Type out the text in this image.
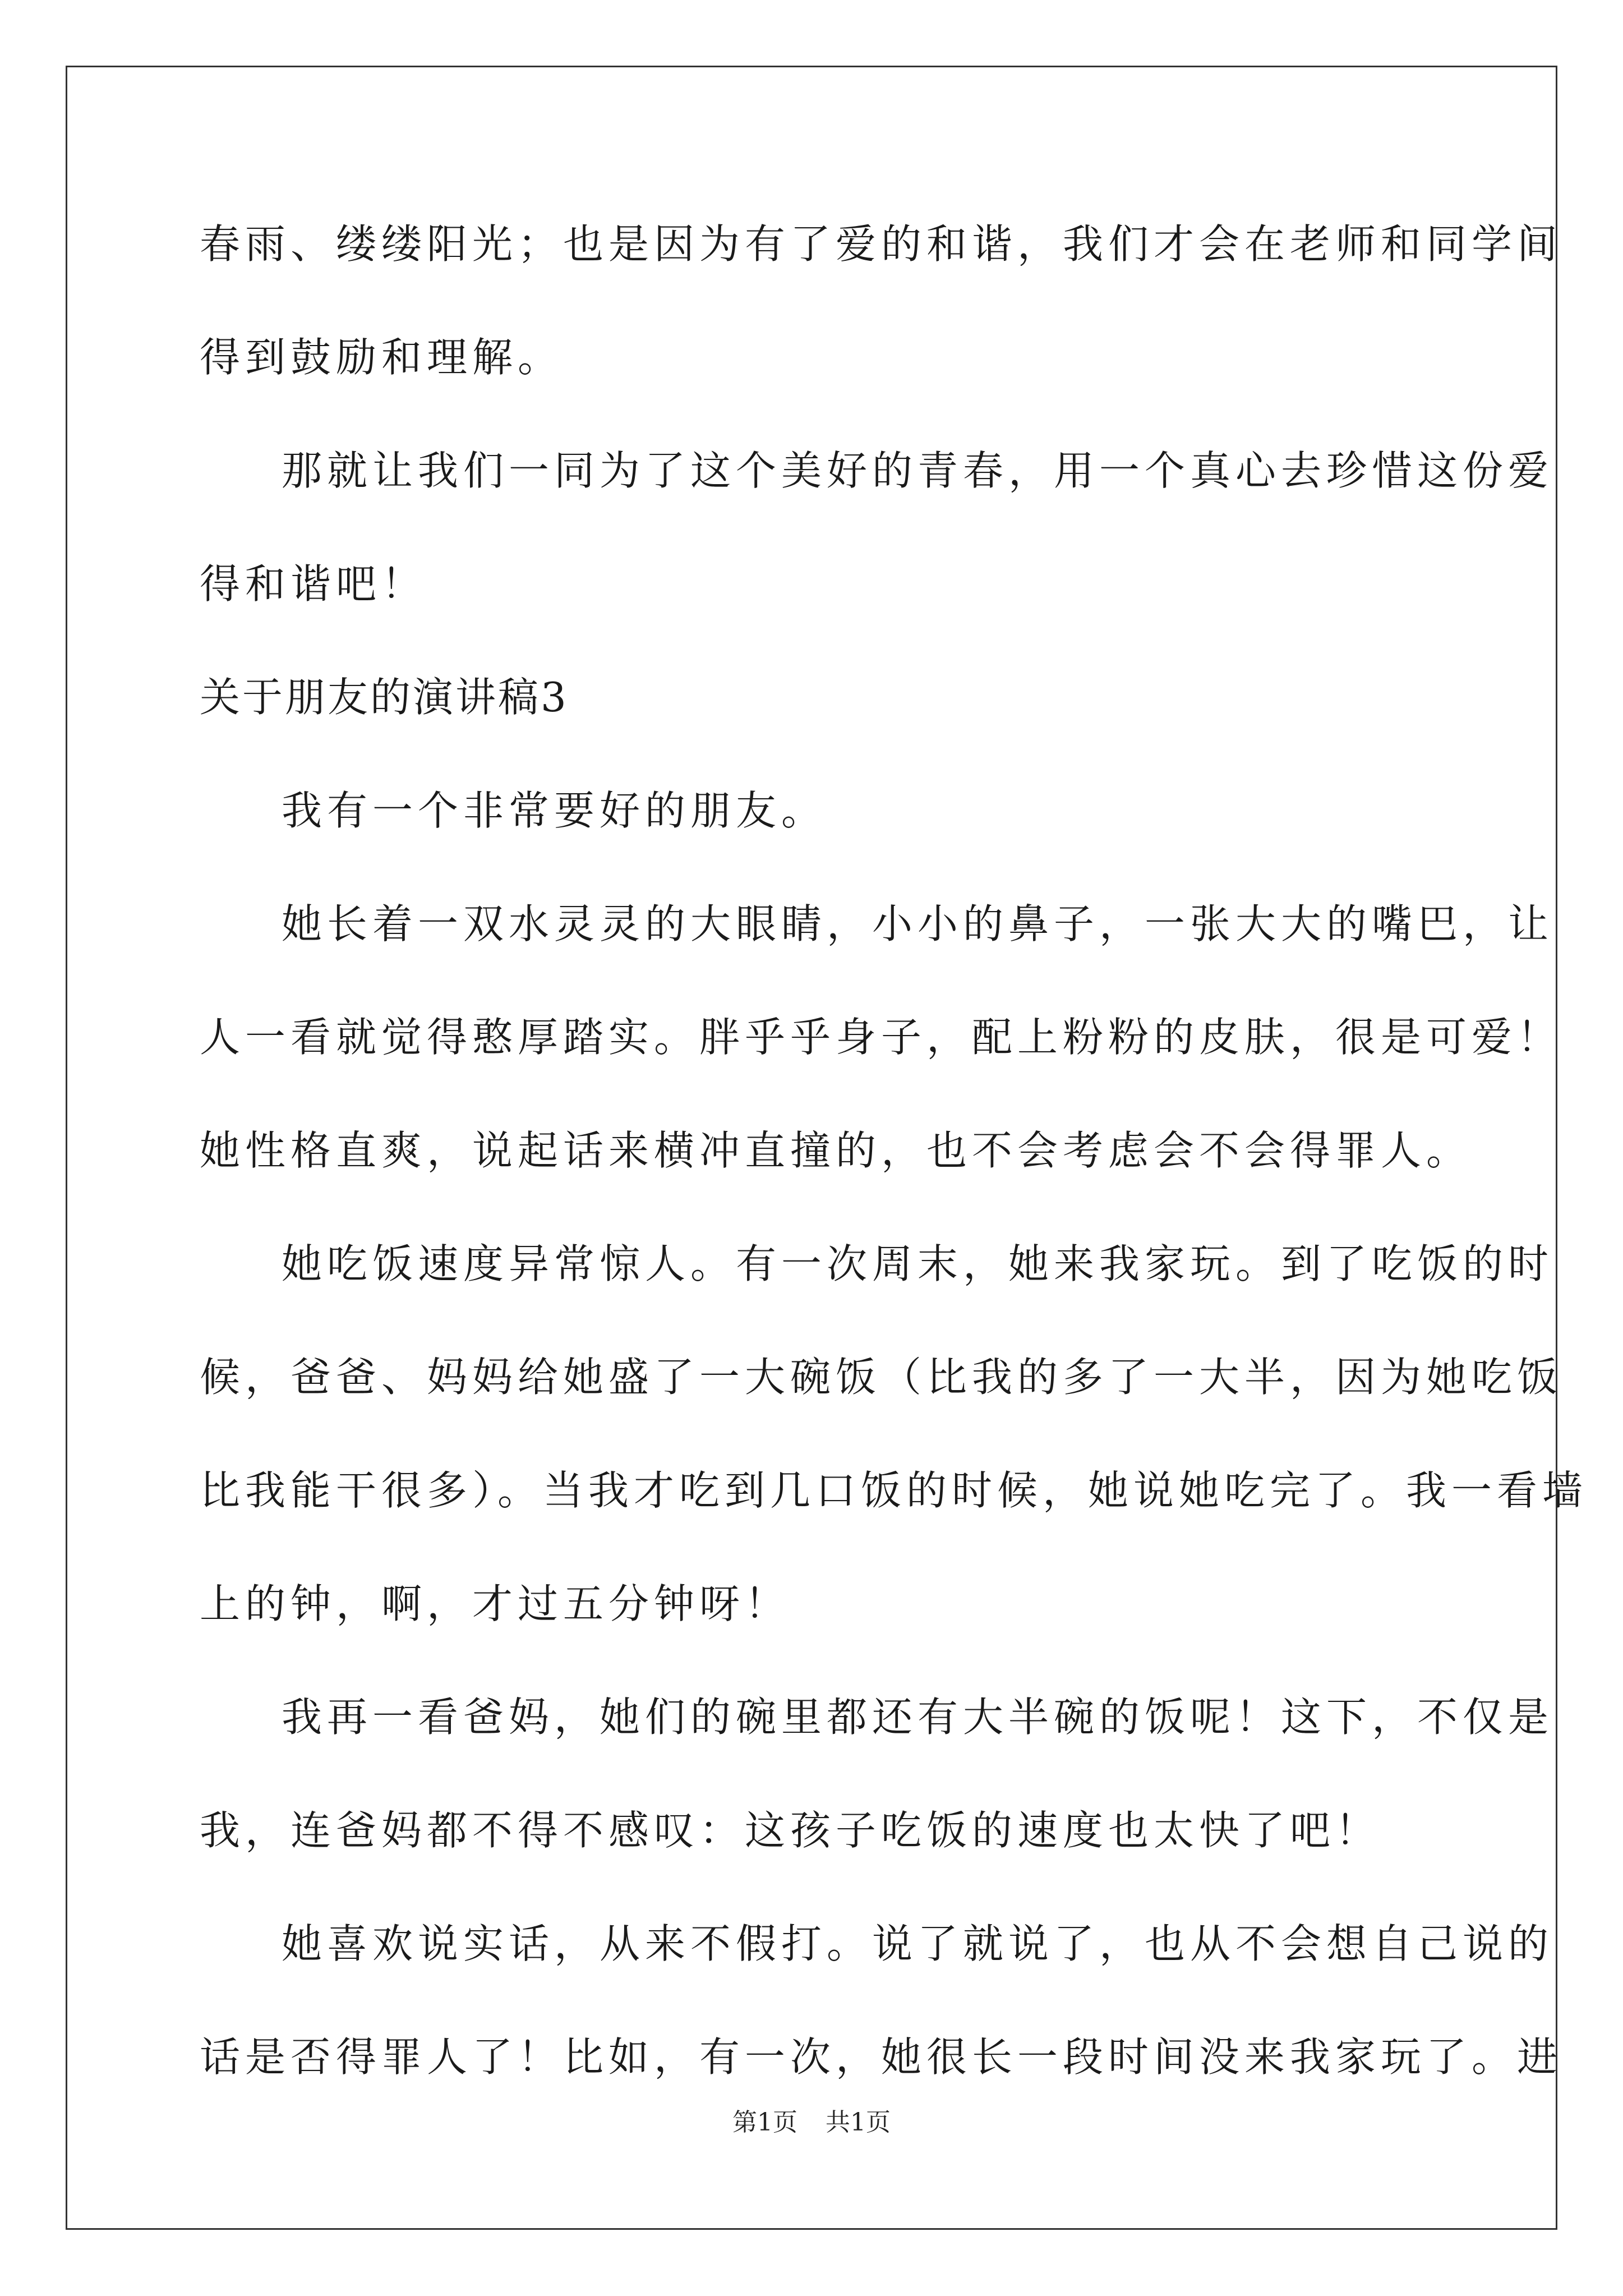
春雨、缕缕阳光；也是因为有了爱的和谐，我们才会在老师和同学间
得到鼓励和理解。
那就让我们一同为了这个美好的青春，用一个真心去珍惜这份爱
得和谐吧！
关于朋友的演讲稿3
我有一个非常要好的朋友。
她长着一双水灵灵的大眼睛，小小的鼻子，一张大大的嘴巴，让
人一看就觉得憨厚踏实。胖乎乎身子，配上粉粉的皮肤，很是可爱！
她性格直爽，说起话来横冲直撞的，也不会考虑会不会得罪人。
她吃饭速度异常惊人。有一次周末，她来我家玩。到了吃饭的时
候，爸爸、妈妈给她盛了一大碗饭（比我的多了一大半，因为她吃饭
比我能干很多）。当我才吃到几口饭的时候，她说她吃完了。我一看墙
上的钟，啊，才过五分钟呀！
我再一看爸妈，她们的碗里都还有大半碗的饭呢！这下，不仅是
我，连爸妈都不得不感叹：这孩子吃饭的速度也太快了吧！
她喜欢说实话，从来不假打。说了就说了，也从不会想自己说的
话是否得罪人了！比如，有一次，她很长一段时间没来我家玩了。进
第1页 共1页
